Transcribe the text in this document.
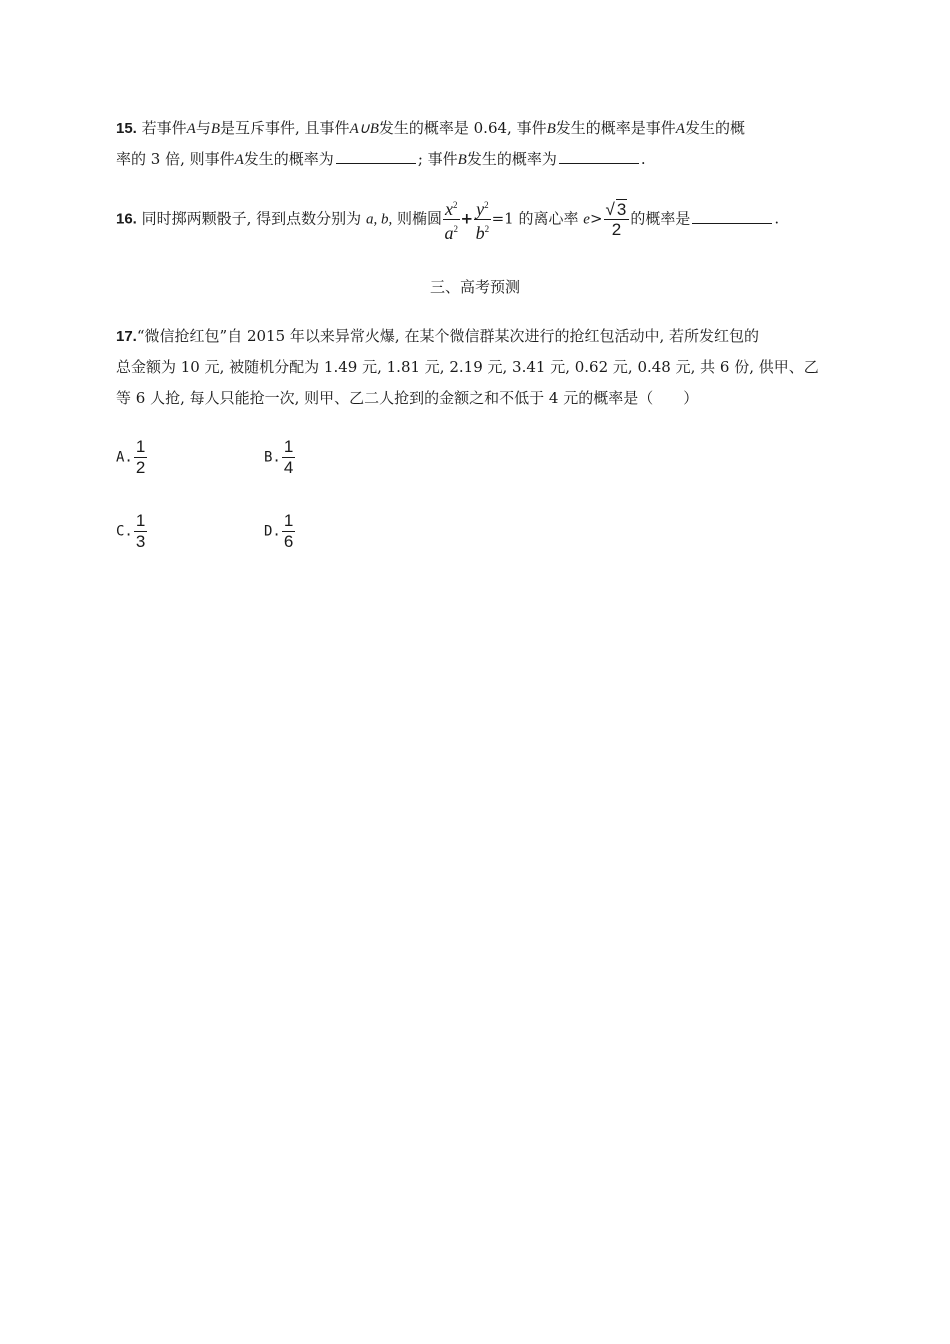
15. 若事件A与B是互斥事件, 且事件A∪B发生的概率是 0.64, 事件B发生的概率是事件A发生的概
率的 3 倍, 则事件A发生的概率为	; 事件B发生的概率为	.
16. 同时掷两颗骰子, 得到点数分别为 a, b, 则椭圆 $\frac{x^2}{a^2} + \frac{y^2}{b^2} =1$ 的离心率 $e> \frac{√ 3}{2}$ 的概率是	.
三、高考预测
17.“微信抢红包”自 2015 年以来异常火爆, 在某个微信群某次进行的抢红包活动中, 若所发红包的
总金额为 10 元, 被随机分配为 1.49 元, 1.81 元, 2.19 元, 3.41 元, 0.62 元, 0.48 元, 共 6 份, 供甲、乙
等 6 人抢, 每人只能抢一次, 则甲、乙二人抢到的金额之和不低于 4 元的概率是（　　）
A. $\frac{1}{2}$	B. $\frac{1}{4}$
C. $\frac{1}{3}$	D. $\frac{1}{6}$
